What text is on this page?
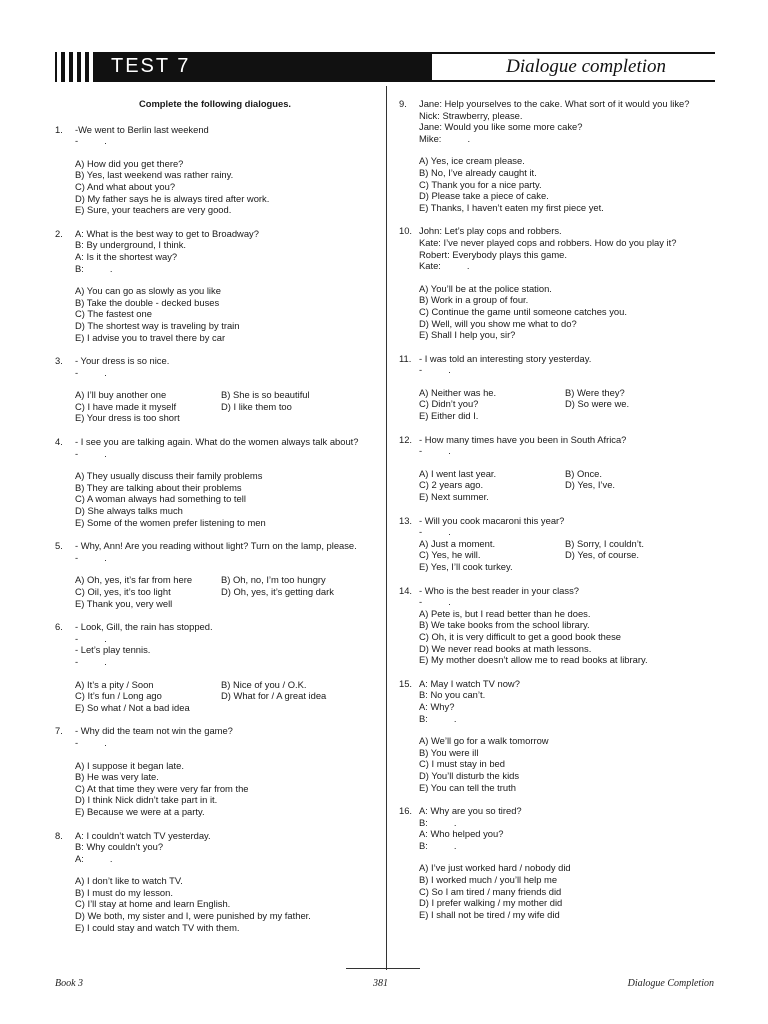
TEST 7	Dialogue completion
Complete the following dialogues.
1. -We went to Berlin last weekend
-          .
A) How did you get there?
B) Yes, last weekend was rather rainy.
C) And what about you?
D) My father says he is always tired after work.
E) Sure, your teachers are very good.
2. A: What is the best way to get to Broadway?
B: By underground, I think.
A: Is it the shortest way?
B:          .
A) You can go as slowly as you like
B) Take the double - decked buses
C) The fastest one
D) The shortest way is traveling by train
E) I advise you to travel there by car
3. - Your dress is so nice.
-          .
A) I’ll buy another one	B) She is so beautiful
C) I have made it myself	D) I like them too
E) Your dress is too short
4. - I see you are talking again. What do the women always talk about?
-          .
A) They usually discuss their family problems
B) They are talking about their problems
C) A woman always had something to tell
D) She always talks much
E) Some of the women prefer listening to men
5. - Why, Ann! Are you reading without light? Turn on the lamp, please.
-          .
A) Oh, yes, it’s far from here	B) Oh, no, I’m too hungry
C) Oil, yes, it’s too light	D) Oh, yes, it’s getting dark
E) Thank you, very well
6. - Look, Gill, the rain has stopped.
-          .
- Let’s play tennis.
-          .
A) It’s a pity / Soon	B) Nice of you / O.K.
C) It’s fun / Long ago	D) What for / A great idea
E) So what / Not a bad idea
7. - Why did the team not win the game?
-          .
A) I suppose it began late.
B) He was very late.
C) At that time they were very far from the
D) I think Nick didn’t take part in it.
E) Because we were at a party.
8. A: I couldn’t watch TV yesterday.
B: Why couldn’t you?
A:          .
A) I don’t like to watch TV.
B) I must do my lesson.
C) I’ll stay at home and learn English.
D) We both, my sister and I, were punished by my father.
E) I could stay and watch TV with them.
9. Jane: Help yourselves to the cake. What sort of it would you like?
Nick: Strawberry, please.
Jane: Would you like some more cake?
Mike:          .
A) Yes, ice cream please.
B) No, I’ve already caught it.
C) Thank you for a nice party.
D) Please take a piece of cake.
E) Thanks, I haven’t eaten my first piece yet.
10. John: Let’s play cops and robbers.
Kate: I’ve never played cops and robbers. How do you play it?
Robert: Everybody plays this game.
Kate:          .
A) You’ll be at the police station.
B) Work in a group of four.
C) Continue the game until someone catches you.
D) Well, will you show me what to do?
E) Shall I help you, sir?
11. - I was told an interesting story yesterday.
-          .
A) Neither was he.	B) Were they?
C) Didn’t you?	D) So were we.
E) Either did I.
12. - How many times have you been in South Africa?
-          .
A) I went last year.	B) Once.
C) 2 years ago.	D) Yes, I’ve.
E) Next summer.
13. - Will you cook macaroni this year?
-          .
A) Just a moment.	B) Sorry, I couldn’t.
C) Yes, he will.	D) Yes, of course.
E) Yes, I’ll cook turkey.
14. - Who is the best reader in your class?
-          .
A) Pete is, but I read better than he does.
B) We take books from the school library.
C) Oh, it is very difficult to get a good book these
D) We never read books at math lessons.
E) My mother doesn’t allow me to read books at library.
15. A: May I watch TV now?
B: No you can’t.
A: Why?
B:          .
A) We’ll go for a walk tomorrow
B) You were ill
C) I must stay in bed
D) You’ll disturb the kids
E) You can tell the truth
16. A: Why are you so tired?
B:          .
A: Who helped you?
B:          .
A) I’ve just worked hard / nobody did
B) I worked much / you’ll help me
C) So I am tired / many friends did
D) I prefer walking / my mother did
E) I shall not be tired / my wife did
Book 3	381	Dialogue Completion
